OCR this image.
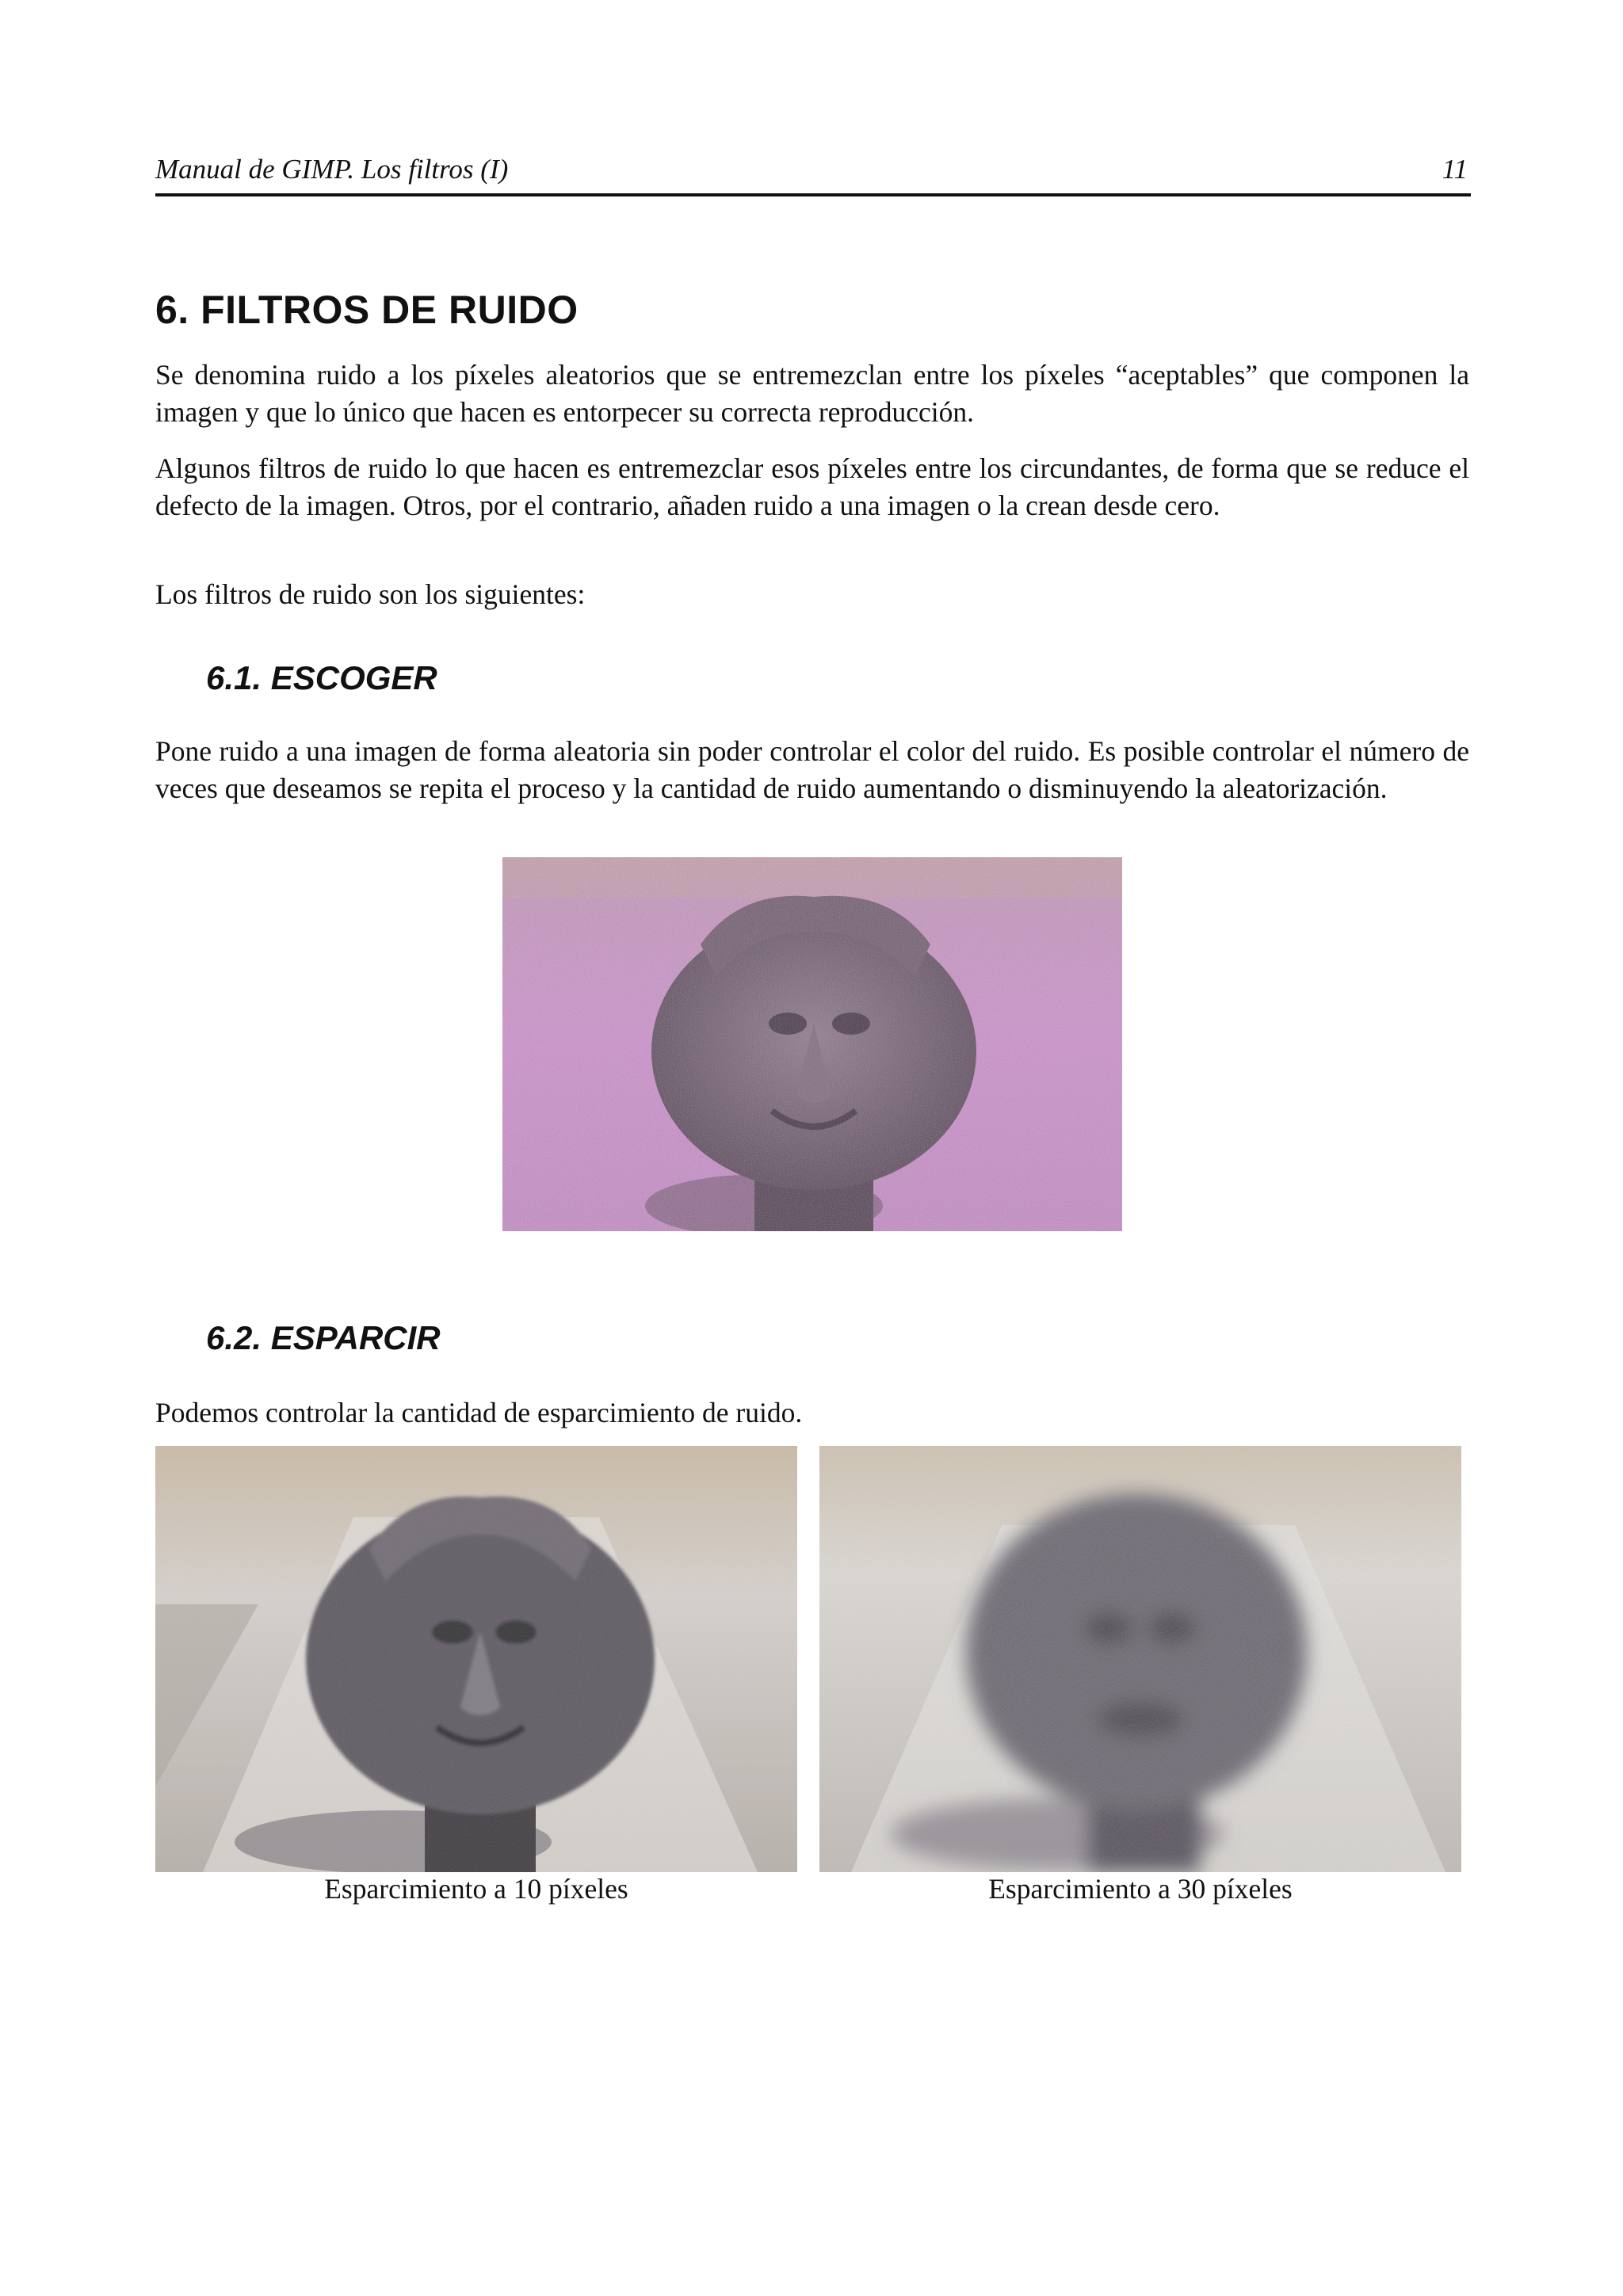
Manual de GIMP. Los filtros (I)	11
6. FILTROS DE RUIDO

Se denomina ruido a los píxeles aleatorios que se entremezclan entre los píxeles “aceptables” que componen la imagen y que lo único que hacen es entorpecer su correcta reproducción.

Algunos filtros de ruido lo que hacen es entremezclar esos píxeles entre los circundantes, de forma que se reduce el defecto de la imagen. Otros, por el contrario, añaden ruido a una imagen o la crean desde cero.

Los filtros de ruido son los siguientes:

6.1. ESCOGER

Pone ruido a una imagen de forma aleatoria sin poder controlar el color del ruido. Es posible controlar el número de veces que deseamos se repita el proceso y la cantidad de ruido aumentando o disminuyendo la aleatorización.

6.2. ESPARCIR

Podemos controlar la cantidad de esparcimiento de ruido.

Esparcimiento a 10 píxeles	Esparcimiento a 30 píxeles
